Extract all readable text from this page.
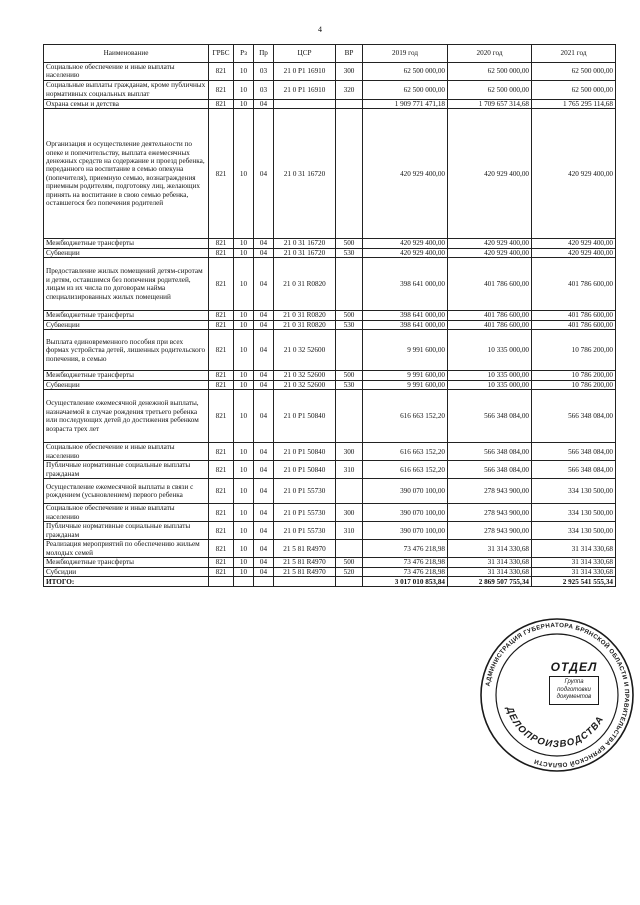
4
Наименование	ГРБС	Рз	Пр	ЦСР	ВР	2019 год	2020 год	2021 год
Социальное обеспечение и иные выплаты населению	821	10	03	21 0 P1 16910	300	62 500 000,00	62 500 000,00	62 500 000,00
Социальные выплаты гражданам, кроме публичных нормативных социальных выплат	821	10	03	21 0 P1 16910	320	62 500 000,00	62 500 000,00	62 500 000,00
Охрана семьи и детства	821	10	04			1 909 771 471,18	1 709 657 314,68	1 765 295 114,68
Организация и осуществление деятельности по опеке и попечительству, выплата ежемесячных денежных средств на содержание и проезд ребенка, переданного на воспитание в семью опекуна (попечителя), приемную семью, вознаграждения приемным родителям, подготовку лиц, желающих принять на воспитание в свою семью ребенка, оставшегося без попечения родителей	821	10	04	21 0 31 16720		420 929 400,00	420 929 400,00	420 929 400,00
Межбюджетные трансферты	821	10	04	21 0 31 16720	500	420 929 400,00	420 929 400,00	420 929 400,00
Субвенции	821	10	04	21 0 31 16720	530	420 929 400,00	420 929 400,00	420 929 400,00
Предоставление жилых помещений детям-сиротам и детям, оставшимся без попечения родителей, лицам из их числа по договорам найма специализированных жилых помещений	821	10	04	21 0 31 R0820		398 641 000,00	401 786 600,00	401 786 600,00
Межбюджетные трансферты	821	10	04	21 0 31 R0820	500	398 641 000,00	401 786 600,00	401 786 600,00
Субвенции	821	10	04	21 0 31 R0820	530	398 641 000,00	401 786 600,00	401 786 600,00
Выплата единовременного пособия при всех формах устройства детей, лишенных родительского попечения, в семью	821	10	04	21 0 32 52600		9 991 600,00	10 335 000,00	10 786 200,00
Межбюджетные трансферты	821	10	04	21 0 32 52600	500	9 991 600,00	10 335 000,00	10 786 200,00
Субвенции	821	10	04	21 0 32 52600	530	9 991 600,00	10 335 000,00	10 786 200,00
Осуществление ежемесячной денежной выплаты, назначаемой в случае рождения третьего ребенка или последующих детей до достижения ребенком возраста трех лет	821	10	04	21 0 P1 50840		616 663 152,20	566 348 084,00	566 348 084,00
Социальное обеспечение и иные выплаты населению	821	10	04	21 0 P1 50840	300	616 663 152,20	566 348 084,00	566 348 084,00
Публичные нормативные социальные выплаты гражданам	821	10	04	21 0 P1 50840	310	616 663 152,20	566 348 084,00	566 348 084,00
Осуществление ежемесячной выплаты в связи с рождением (усыновлением) первого ребенка	821	10	04	21 0 P1 55730		390 070 100,00	278 943 900,00	334 130 500,00
Социальное обеспечение и иные выплаты населению	821	10	04	21 0 P1 55730	300	390 070 100,00	278 943 900,00	334 130 500,00
Публичные нормативные социальные выплаты гражданам	821	10	04	21 0 P1 55730	310	390 070 100,00	278 943 900,00	334 130 500,00
Реализация мероприятий по обеспечению жильем молодых семей	821	10	04	21 5 81 R4970		73 476 218,98	31 314 330,68	31 314 330,68
Межбюджетные трансферты	821	10	04	21 5 81 R4970	500	73 476 218,98	31 314 330,68	31 314 330,68
Субсидии	821	10	04	21 5 81 R4970	520	73 476 218,98	31 314 330,68	31 314 330,68
ИТОГО:						3 017 010 853,84	2 869 507 755,34	2 925 541 555,34
АДМИНИСТРАЦИЯ ГУБЕРНАТОРА БРЯНСКОЙ ОБЛАСТИ И ПРАВИТЕЛЬСТВА БРЯНСКОЙ ОБЛАСТИ
ДЕЛОПРОИЗВОДСТВА
ОТДЕЛ
Группа
подготовки
документов
